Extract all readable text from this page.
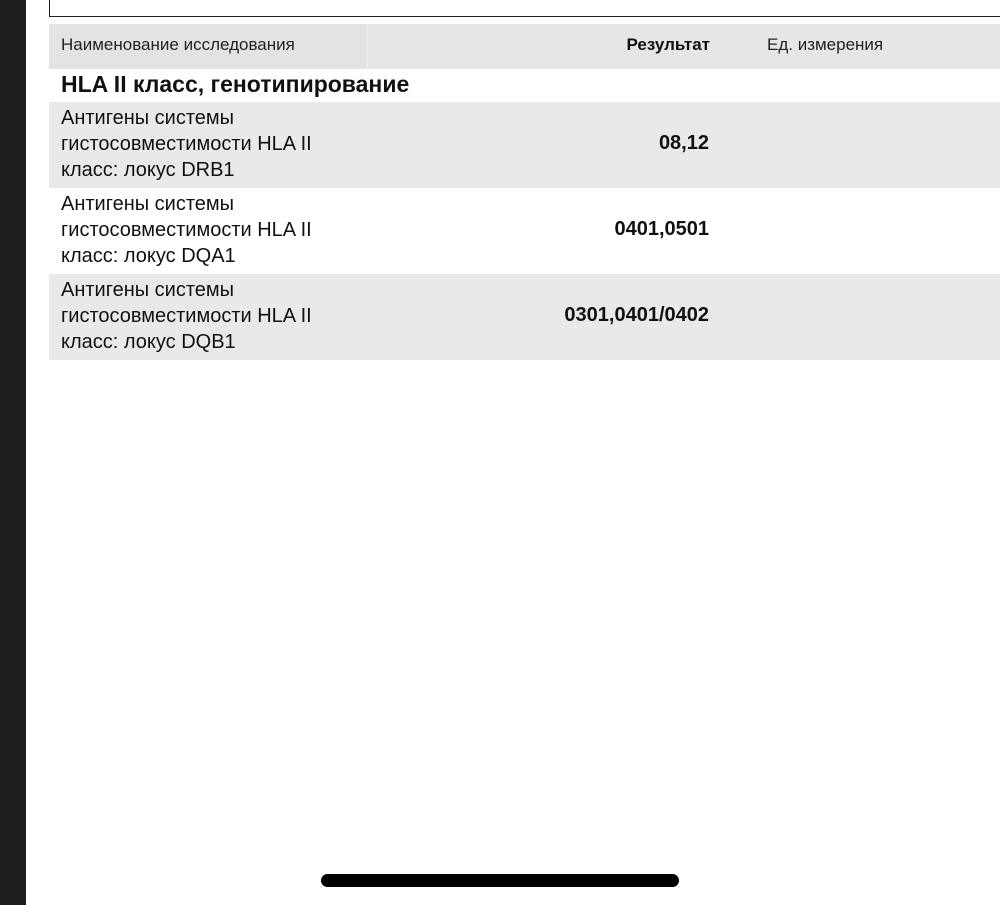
Наименование исследования	Результат	Ед. измерения
HLA II класс, генотипирование
Антигены системы
гистосовместимости HLA II
класс: локус DRB1
08,12
Антигены системы
гистосовместимости HLA II
класс: локус DQA1
0401,0501
Антигены системы
гистосовместимости HLA II
класс: локус DQB1
0301,0401/0402
